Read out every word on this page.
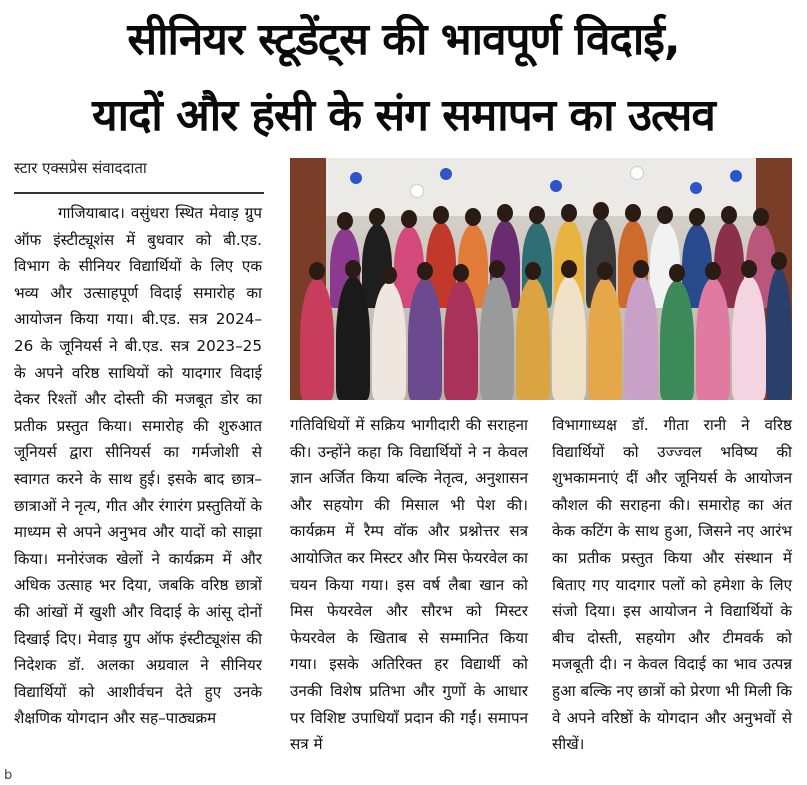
सीनियर स्टूडेंट्स की भावपूर्ण विदाई,
यादों और हंसी के संग समापन का उत्सव
स्टार एक्सप्रेस संवाददाता

गाजियाबाद। वसुंधरा स्थित मेवाड़ ग्रुप ऑफ इंस्टीट्यूशंस में बुधवार को बी.एड. विभाग के सीनियर विद्यार्थियों के लिए एक भव्य और उत्साहपूर्ण विदाई समारोह का आयोजन किया गया। बी.एड. सत्र 2024–26 के जूनियर्स ने बी.एड. सत्र 2023–25 के अपने वरिष्ठ साथियों को यादगार विदाई देकर रिश्तों और दोस्ती की मजबूत डोर का प्रतीक प्रस्तुत किया। समारोह की शुरुआत जूनियर्स द्वारा सीनियर्स का गर्मजोशी से स्वागत करने के साथ हुई। इसके बाद छात्र–छात्राओं ने नृत्य, गीत और रंगारंग प्रस्तुतियों के माध्यम से अपने अनुभव और यादों को साझा किया। मनोरंजक खेलों ने कार्यक्रम में और अधिक उत्साह भर दिया, जबकि वरिष्ठ छात्रों की आंखों में खुशी और विदाई के आंसू दोनों दिखाई दिए। मेवाड़ ग्रुप ऑफ इंस्टीट्यूशंस की निदेशक डॉ. अलका अग्रवाल ने सीनियर विद्यार्थियों को आशीर्वचन देते हुए उनके शैक्षणिक योगदान और सह–पाठ्यक्रम

गतिविधियों में सक्रिय भागीदारी की सराहना की। उन्होंने कहा कि विद्यार्थियों ने न केवल ज्ञान अर्जित किया बल्कि नेतृत्व, अनुशासन और सहयोग की मिसाल भी पेश की। कार्यक्रम में रैम्प वॉक और प्रश्नोत्तर सत्र आयोजित कर मिस्टर और मिस फेयरवेल का चयन किया गया। इस वर्ष लैबा खान को मिस फेयरवेल और सौरभ को मिस्टर फेयरवेल के खिताब से सम्मानित किया गया। इसके अतिरिक्त हर विद्यार्थी को उनकी विशेष प्रतिभा और गुणों के आधार पर विशिष्ट उपाधियाँ प्रदान की गईं। समापन सत्र में

विभागाध्यक्ष डॉ. गीता रानी ने वरिष्ठ विद्यार्थियों को उज्ज्वल भविष्य की शुभकामनाएं दीं और जूनियर्स के आयोजन कौशल की सराहना की। समारोह का अंत केक कटिंग के साथ हुआ, जिसने नए आरंभ का प्रतीक प्रस्तुत किया और संस्थान में बिताए गए यादगार पलों को हमेशा के लिए संजो दिया। इस आयोजन ने विद्यार्थियों के बीच दोस्ती, सहयोग और टीमवर्क को मजबूती दी। न केवल विदाई का भाव उत्पन्न हुआ बल्कि नए छात्रों को प्रेरणा भी मिली कि वे अपने वरिष्ठों के योगदान और अनुभवों से सीखें।

b
